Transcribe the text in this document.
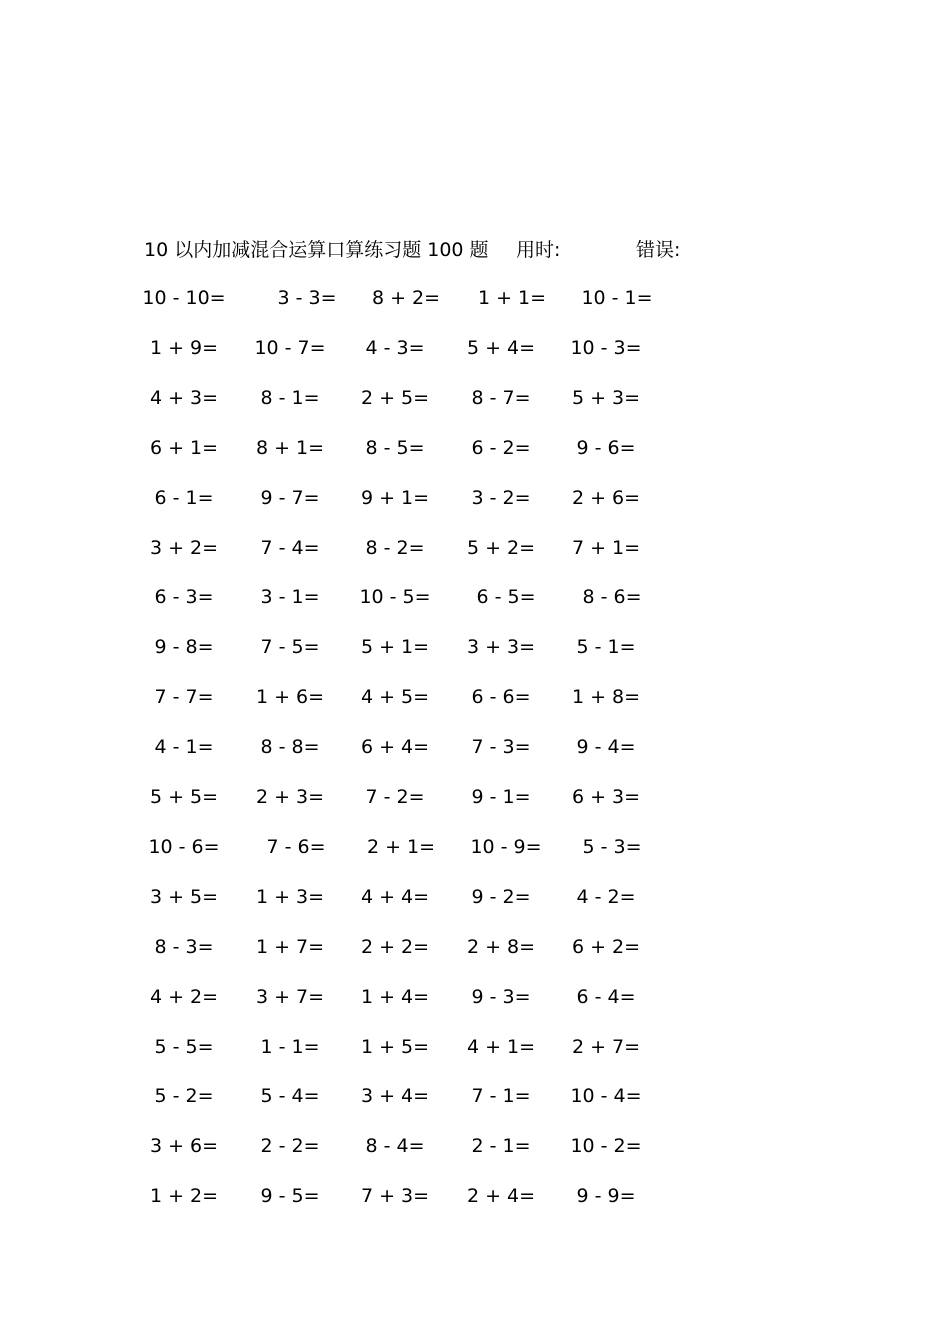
10 以内加减混合运算口算练习题 100 题 用时:	错误:
10 - 10=	3 - 3=	8 + 2=	1 + 1=	10 - 1=
1 + 9=	10 - 7=	4 - 3=	5 + 4=	10 - 3=
4 + 3=	8 - 1=	2 + 5=	8 - 7=	5 + 3=
6 + 1=	8 + 1=	8 - 5=	6 - 2=	9 - 6=
6 - 1=	9 - 7=	9 + 1=	3 - 2=	2 + 6=
3 + 2=	7 - 4=	8 - 2=	5 + 2=	7 + 1=
6 - 3=	3 - 1=	10 - 5=	6 - 5=	8 - 6=
9 - 8=	7 - 5=	5 + 1=	3 + 3=	5 - 1=
7 - 7=	1 + 6=	4 + 5=	6 - 6=	1 + 8=
4 - 1=	8 - 8=	6 + 4=	7 - 3=	9 - 4=
5 + 5=	2 + 3=	7 - 2=	9 - 1=	6 + 3=
10 - 6=	7 - 6=	2 + 1=	10 - 9=	5 - 3=
3 + 5=	1 + 3=	4 + 4=	9 - 2=	4 - 2=
8 - 3=	1 + 7=	2 + 2=	2 + 8=	6 + 2=
4 + 2=	3 + 7=	1 + 4=	9 - 3=	6 - 4=
5 - 5=	1 - 1=	1 + 5=	4 + 1=	2 + 7=
5 - 2=	5 - 4=	3 + 4=	7 - 1=	10 - 4=
3 + 6=	2 - 2=	8 - 4=	2 - 1=	10 - 2=
1 + 2=	9 - 5=	7 + 3=	2 + 4=	9 - 9=
